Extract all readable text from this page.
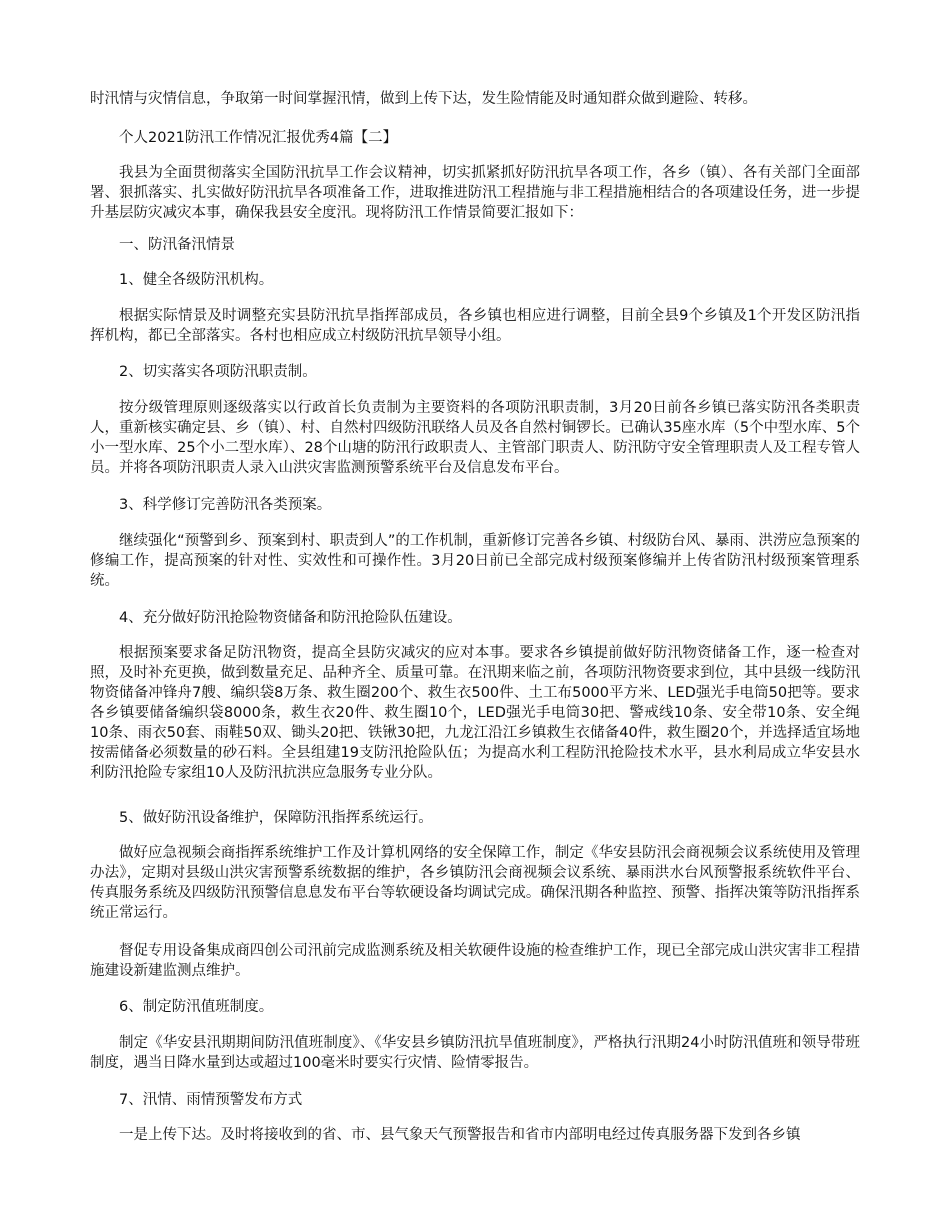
时汛情与灾情信息，争取第一时间掌握汛情，做到上传下达，发生险情能及时通知群众做到避险、转移。

个人2021防汛工作情况汇报优秀4篇【二】

我县为全面贯彻落实全国防汛抗旱工作会议精神，切实抓紧抓好防汛抗旱各项工作，各乡（镇）、各有关部门全面部署、狠抓落实、扎实做好防汛抗旱各项准备工作，进取推进防汛工程措施与非工程措施相结合的各项建设任务，进一步提升基层防灾减灾本事，确保我县安全度汛。现将防汛工作情景简要汇报如下：

一、防汛备汛情景

1、健全各级防汛机构。

根据实际情景及时调整充实县防汛抗旱指挥部成员，各乡镇也相应进行调整，目前全县9个乡镇及1个开发区防汛指挥机构，都已全部落实。各村也相应成立村级防汛抗旱领导小组。

2、切实落实各项防汛职责制。

按分级管理原则逐级落实以行政首长负责制为主要资料的各项防汛职责制，3月20日前各乡镇已落实防汛各类职责人，重新核实确定县、乡（镇）、村、自然村四级防汛联络人员及各自然村铜锣长。已确认35座水库（5个中型水库、5个小一型水库、25个小二型水库）、28个山塘的防汛行政职责人、主管部门职责人、防汛防守安全管理职责人及工程专管人员。并将各项防汛职责人录入山洪灾害监测预警系统平台及信息发布平台。

3、科学修订完善防汛各类预案。

继续强化“预警到乡、预案到村、职责到人”的工作机制，重新修订完善各乡镇、村级防台风、暴雨、洪涝应急预案的修编工作，提高预案的针对性、实效性和可操作性。3月20日前已全部完成村级预案修编并上传省防汛村级预案管理系统。

4、充分做好防汛抢险物资储备和防汛抢险队伍建设。

根据预案要求备足防汛物资，提高全县防灾减灾的应对本事。要求各乡镇提前做好防汛物资储备工作，逐一检查对照，及时补充更换，做到数量充足、品种齐全、质量可靠。在汛期来临之前，各项防汛物资要求到位，其中县级一线防汛物资储备冲锋舟7艘、编织袋8万条、救生圈200个、救生衣500件、土工布5000平方米、LED强光手电筒50把等。要求各乡镇要储备编织袋8000条，救生衣20件、救生圈10个，LED强光手电筒30把、警戒线10条、安全带10条、安全绳10条、雨衣50套、雨鞋50双、锄头20把、铁锹30把，九龙江沿江乡镇救生衣储备40件，救生圈20个，并选择适宜场地按需储备必须数量的砂石料。全县组建19支防汛抢险队伍；为提高水利工程防汛抢险技术水平，县水利局成立华安县水利防汛抢险专家组10人及防汛抗洪应急服务专业分队。

5、做好防汛设备维护，保障防汛指挥系统运行。

做好应急视频会商指挥系统维护工作及计算机网络的安全保障工作，制定《华安县防汛会商视频会议系统使用及管理办法》，定期对县级山洪灾害预警系统数据的维护，各乡镇防汛会商视频会议系统、暴雨洪水台风预警报系统软件平台、传真服务系统及四级防汛预警信息息发布平台等软硬设备均调试完成。确保汛期各种监控、预警、指挥决策等防汛指挥系统正常运行。

督促专用设备集成商四创公司汛前完成监测系统及相关软硬件设施的检查维护工作，现已全部完成山洪灾害非工程措施建设新建监测点维护。

6、制定防汛值班制度。

制定《华安县汛期期间防汛值班制度》、《华安县乡镇防汛抗旱值班制度》，严格执行汛期24小时防汛值班和领导带班制度，遇当日降水量到达或超过100毫米时要实行灾情、险情零报告。

7、汛情、雨情预警发布方式

一是上传下达。及时将接收到的省、市、县气象天气预警报告和省市内部明电经过传真服务器下发到各乡镇
